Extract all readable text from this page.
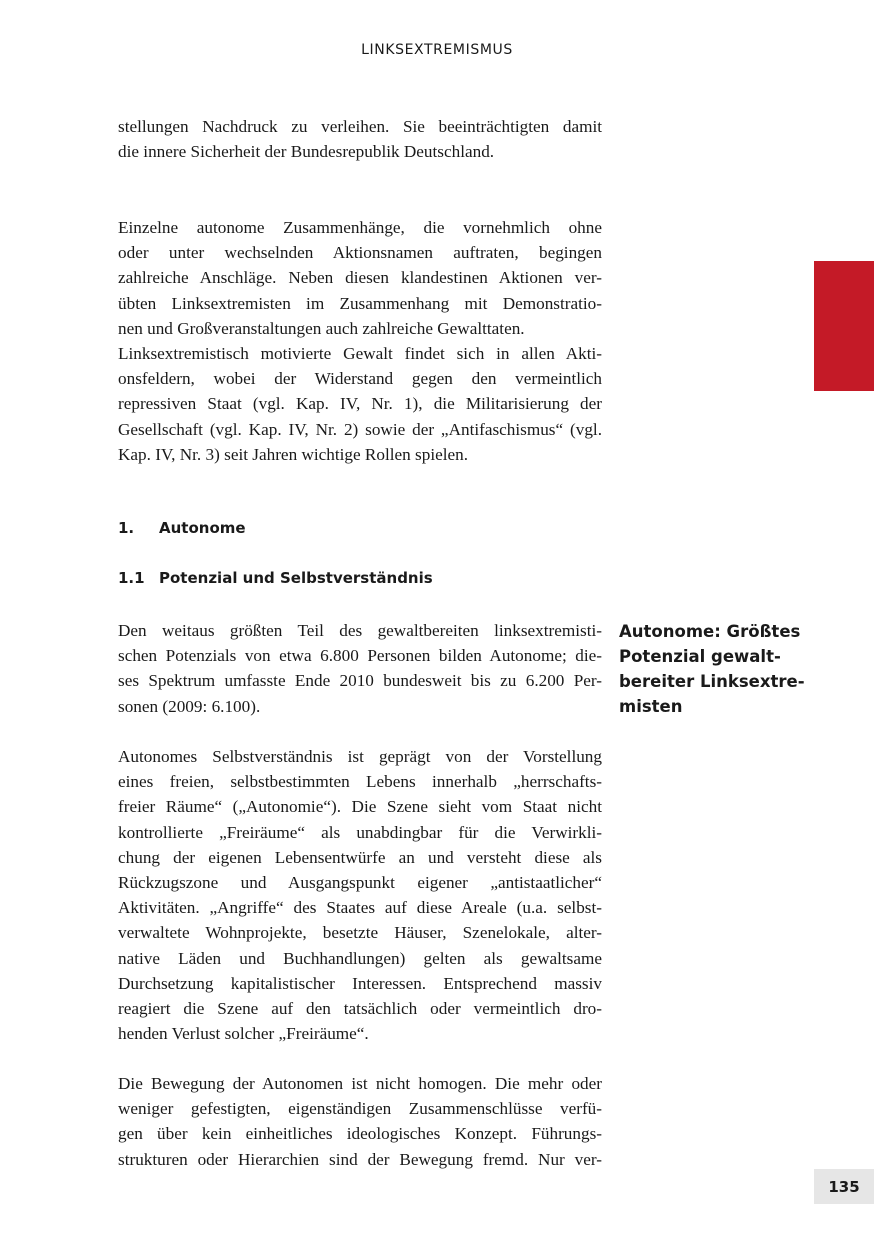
LINKSEXTREMISMUS
stellungen Nachdruck zu verleihen. Sie beeinträchtigten damit
die innere Sicherheit der Bundesrepublik Deutschland.
Einzelne autonome Zusammenhänge, die vornehmlich ohne
oder unter wechselnden Aktionsnamen auftraten, begingen
zahlreiche Anschläge. Neben diesen klandestinen Aktionen ver-
übten Linksextremisten im Zusammenhang mit Demonstratio-
nen und Großveranstaltungen auch zahlreiche Gewalttaten.
Linksextremistisch motivierte Gewalt findet sich in allen Akti-
onsfeldern, wobei der Widerstand gegen den vermeintlich
repressiven Staat (vgl. Kap. IV, Nr. 1), die Militarisierung der
Gesellschaft (vgl. Kap. IV, Nr. 2) sowie der „Antifaschismus“ (vgl.
Kap. IV, Nr. 3) seit Jahren wichtige Rollen spielen.
1.	Autonome
1.1 Potenzial und Selbstverständnis
Den weitaus größten Teil des gewaltbereiten linksextremisti-
schen Potenzials von etwa 6.800 Personen bilden Autonome; die-
ses Spektrum umfasste Ende 2010 bundesweit bis zu 6.200 Per-
sonen (2009: 6.100).
Autonome: Größtes
Potenzial gewalt-
bereiter Linksextre-
misten
Autonomes Selbstverständnis ist geprägt von der Vorstellung
eines freien, selbstbestimmten Lebens innerhalb „herrschafts-
freier Räume“ („Autonomie“). Die Szene sieht vom Staat nicht
kontrollierte „Freiräume“ als unabdingbar für die Verwirkli-
chung der eigenen Lebensentwürfe an und versteht diese als
Rückzugszone und Ausgangspunkt eigener „antistaatlicher“
Aktivitäten. „Angriffe“ des Staates auf diese Areale (u.a. selbst-
verwaltete Wohnprojekte, besetzte Häuser, Szenelokale, alter-
native Läden und Buchhandlungen) gelten als gewaltsame
Durchsetzung kapitalistischer Interessen. Entsprechend massiv
reagiert die Szene auf den tatsächlich oder vermeintlich dro-
henden Verlust solcher „Freiräume“.
Die Bewegung der Autonomen ist nicht homogen. Die mehr oder
weniger gefestigten, eigenständigen Zusammenschlüsse verfü-
gen über kein einheitliches ideologisches Konzept. Führungs-
strukturen oder Hierarchien sind der Bewegung fremd. Nur ver-
135
